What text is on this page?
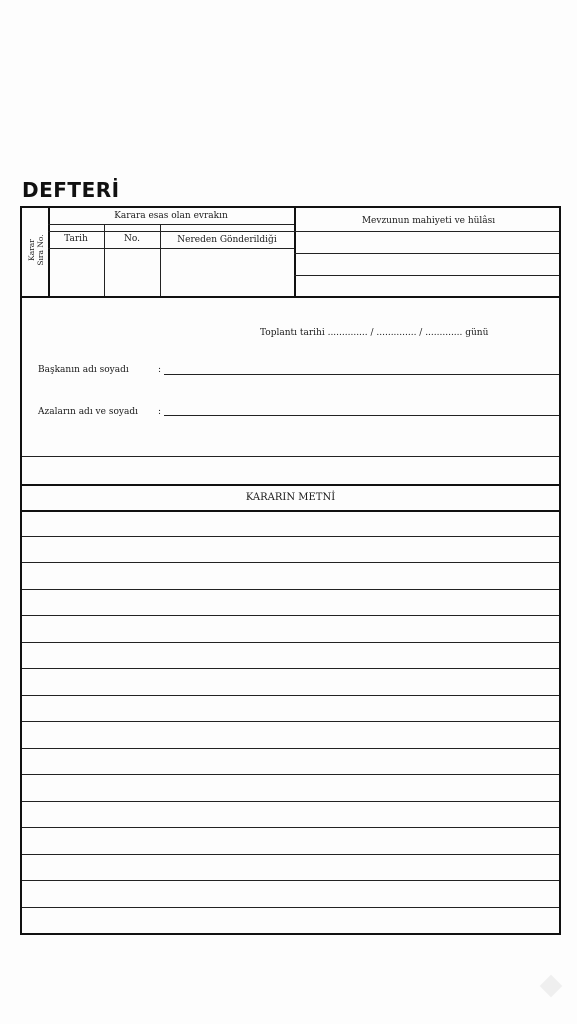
DEFTERİ
Karar
Sıra No.
Karara esas olan evrakın	Mevzunun mahiyeti ve hülâsı
Tarih	No.	Nereden Gönderildiği
Toplantı tarihi .............. / .............. / ............. günü
Başkanın adı soyadı	:
Azaların adı ve soyadı :
KARARIN METNİ
